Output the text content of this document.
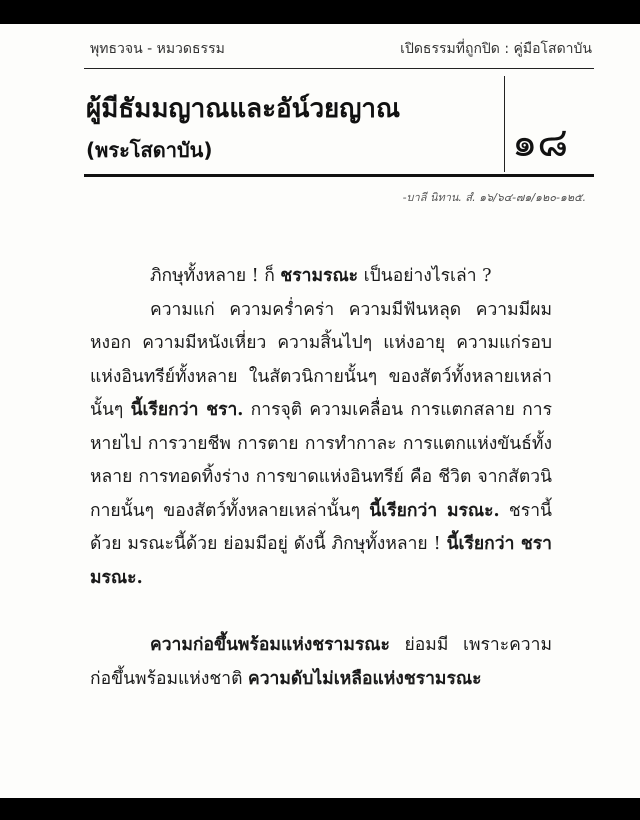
พุทธวจน - หมวดธรรม	เปิดธรรมที่ถูกปิด : คู่มือโสดาบัน
ผู้มีธัมมญาณและอัน์วยญาณ
(พระโสดาบัน)	๑๘
-บาลี นิทาน. สํ. ๑๖/๖๔-๗๑/๑๒๐-๑๒๕.

ภิกษุทั้งหลาย ! ก็ ชรามรณะ เป็นอย่างไรเล่า ?

ความแก่ ความคร่ำคร่า ความมีฟันหลุด ความมีผมหงอก ความมีหนังเหี่ยว ความสิ้นไปๆ แห่งอายุ ความแก่รอบแห่งอินทรีย์ทั้งหลาย ในสัตวนิกายนั้นๆ ของสัตว์ทั้งหลายเหล่านั้นๆ นี้เรียกว่า ชรา. การจุติ ความเคลื่อน การแตกสลาย การหายไป การวายชีพ การตาย การทำกาละ การแตกแห่งขันธ์ทั้งหลาย การทอดทิ้งร่าง การขาดแห่งอินทรีย์ คือ ชีวิต จากสัตวนิกายนั้นๆ ของสัตว์ทั้งหลายเหล่านั้นๆ นี้เรียกว่า มรณะ. ชรานี้ด้วย มรณะนี้ด้วย ย่อมมีอยู่ ดังนี้ ภิกษุทั้งหลาย ! นี้เรียกว่า ชรามรณะ.

ความก่อขึ้นพร้อมแห่งชรามรณะ ย่อมมี เพราะความก่อขึ้นพร้อมแห่งชาติ ความดับไม่เหลือแห่งชรามรณะ
